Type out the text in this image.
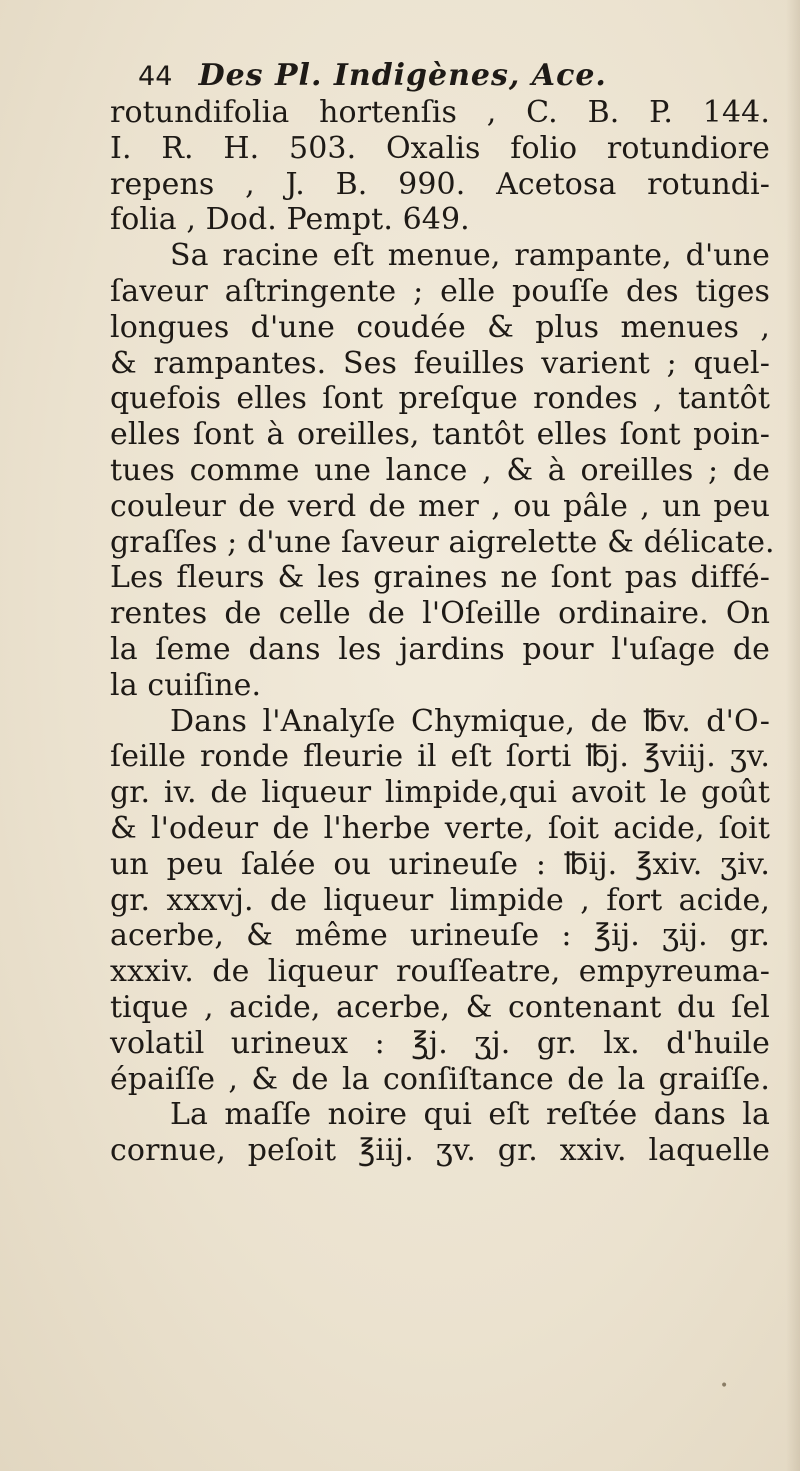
44 Des Pl. Indigènes, Ace.
rotundifolia hortenſis , C. B. P. 144.
I. R. H. 503. Oxalis folio rotundiore
repens , J. B. 990. Acetosa rotundi-
folia , Dod. Pempt. 649.
Sa racine eſt menue, rampante, d'une
ſaveur aſtringente ; elle pouſſe des tiges
longues d'une coudée & plus menues ,
& rampantes. Ses feuilles varient ; quel-
quefois elles ſont preſque rondes , tantôt
elles ſont à oreilles, tantôt elles ſont poin-
tues comme une lance , & à oreilles ; de
couleur de verd de mer , ou pâle , un peu
graſſes ; d'une ſaveur aigrelette & délicate.
Les fleurs & les graines ne ſont pas diffé-
rentes de celle de l'Oſeille ordinaire. On
la ſeme dans les jardins pour l'uſage de
la cuiſine.
Dans l'Analyſe Chymique, de ℔v. d'O-
ſeille ronde fleurie il eſt ſorti ℔j. ℥viij. ʒv.
gr. iv. de liqueur limpide,qui avoit le goût
& l'odeur de l'herbe verte, ſoit acide, ſoit
un peu ſalée ou urineuſe : ℔ij. ℥xiv. ʒiv.
gr. xxxvj. de liqueur limpide , fort acide,
acerbe, & même urineuſe : ℥ij. ʒij. gr.
xxxiv. de liqueur rouſſeatre, empyreuma-
tique , acide, acerbe, & contenant du ſel
volatil urineux : ℥j. ʒj. gr. lx. d'huile
épaiſſe , & de la conſiſtance de la graiſſe.
La maſſe noire qui eſt reſtée dans la
cornue, peſoit ℥iij. ʒv. gr. xxiv. laquelle
•
